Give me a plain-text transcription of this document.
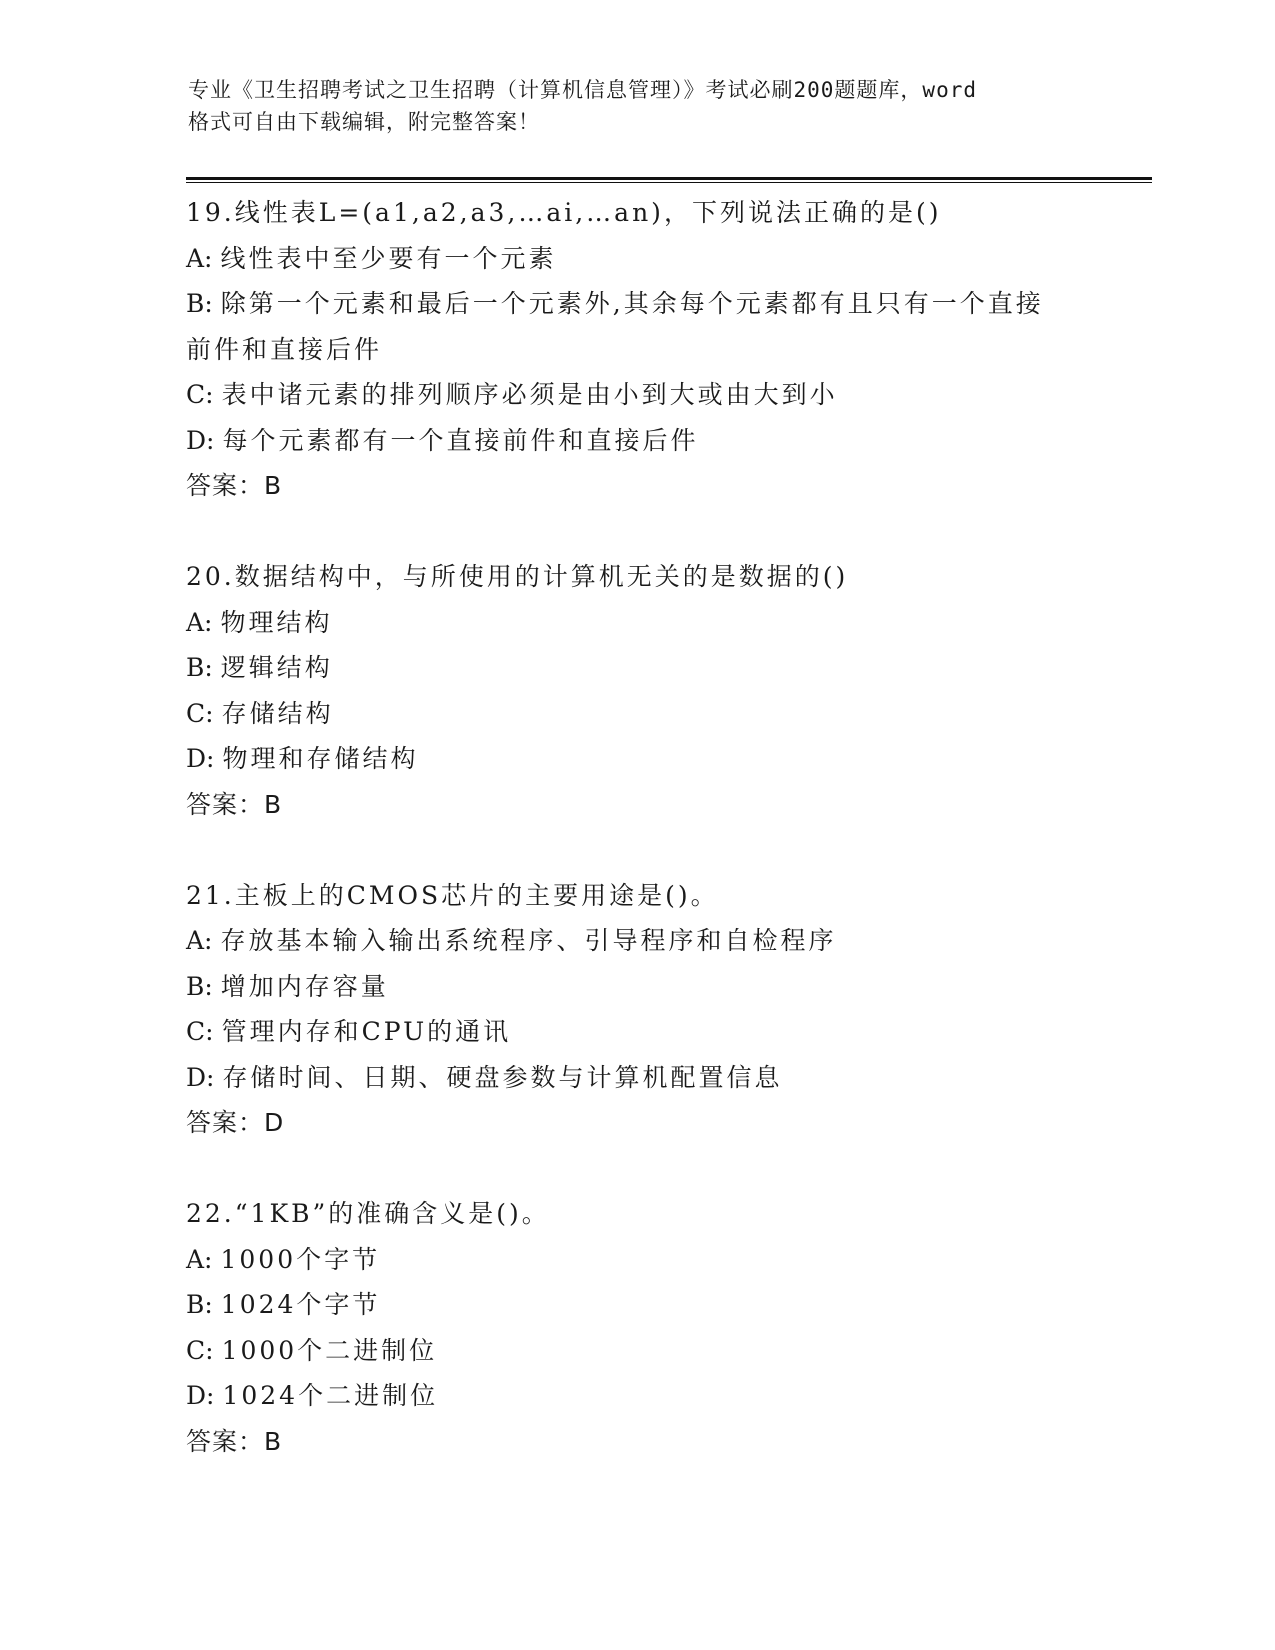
专业《卫生招聘考试之卫生招聘（计算机信息管理）》考试必刷200题题库，word
格式可自由下载编辑，附完整答案！
19.线性表L=(a1,a2,a3,…ai,…an)，下列说法正确的是()
A: 线性表中至少要有一个元素
B: 除第一个元素和最后一个元素外,其余每个元素都有且只有一个直接前件和直接后件
C: 表中诸元素的排列顺序必须是由小到大或由大到小
D: 每个元素都有一个直接前件和直接后件
答案：B
20.数据结构中，与所使用的计算机无关的是数据的()
A: 物理结构
B: 逻辑结构
C: 存储结构
D: 物理和存储结构
答案：B
21.主板上的CMOS芯片的主要用途是()。
A: 存放基本输入输出系统程序、引导程序和自检程序
B: 增加内存容量
C: 管理内存和CPU的通讯
D: 存储时间、日期、硬盘参数与计算机配置信息
答案：D
22.“1KB”的准确含义是()。
A: 1000个字节
B: 1024个字节
C: 1000个二进制位
D: 1024个二进制位
答案：B
